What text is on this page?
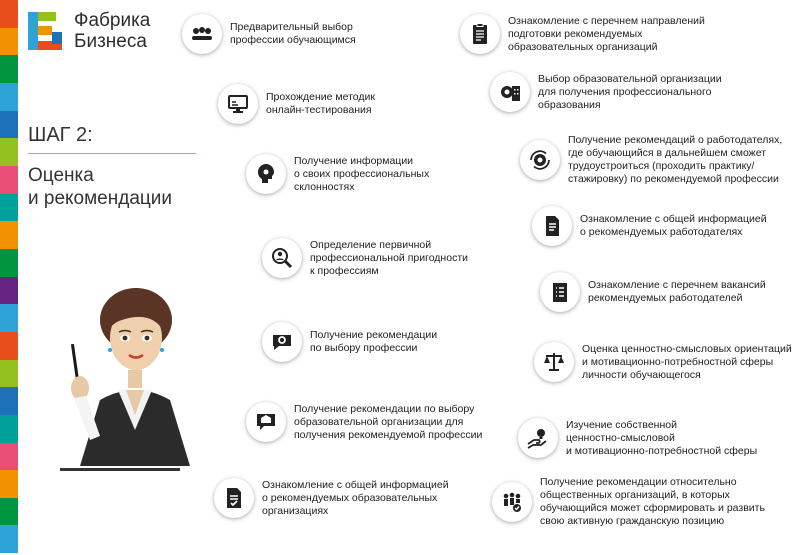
Фабрика
Бизнеса
ШАГ 2:
Оценка
и рекомендации
Предварительный выбор
профессии обучающимся
Прохождение методик
онлайн-тестирования
Получение информации
о своих профессиональных
склонностях
Определение первичной
профессиональной пригодности
к профессиям
Получение рекомендации
по выбору профессии
Получение рекомендации по выбору
образовательной организации для
получения рекомендуемой профессии
Ознакомление с общей информацией
о рекомендуемых образовательных
организациях
Ознакомление с перечнем направлений
подготовки рекомендуемых
образовательных организаций
Выбор образовательной организации
для получения профессионального
образования
Получение рекомендаций о работодателях,
где обучающийся в дальнейшем сможет
трудоустроиться (проходить практику/
стажировку) по рекомендуемой профессии
Ознакомление с общей информацией
о рекомендуемых работодателях
Ознакомление с перечнем вакансий
рекомендуемых работодателей
Оценка ценностно-смысловых ориентаций
и мотивационно-потребностной сферы
личности обучающегося
Изучение собственной
ценностно-смысловой
и мотивационно-потребностной сферы
Получение рекомендации относительно
общественных организаций, в которых
обучающийся может сформировать и развить
свою активную гражданскую позицию
